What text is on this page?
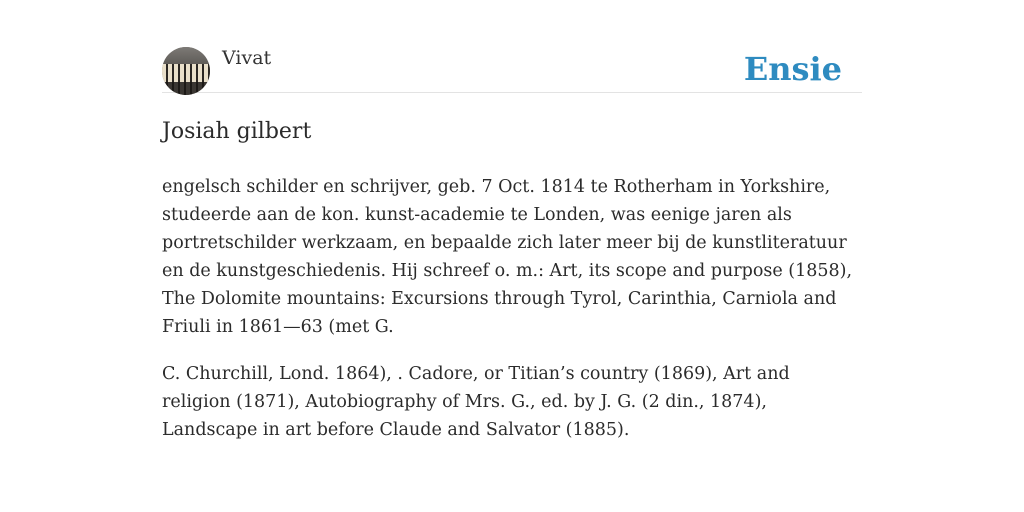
Vivat	Ensie
Josiah gilbert

engelsch schilder en schrijver, geb. 7 Oct. 1814 te Rotherham in Yorkshire, studeerde aan de kon. kunst-academie te Londen, was eenige jaren als portretschilder werkzaam, en bepaalde zich later meer bij de kunstliteratuur en de kunstgeschiedenis. Hij schreef o. m.: Art, its scope and purpose (1858), The Dolomite mountains: Excursions through Tyrol, Carinthia, Carniola and Friuli in 1861—63 (met G.

C. Churchill, Lond. 1864), . Cadore, or Titian’s country (1869), Art and religion (1871), Autobiography of Mrs. G., ed. by J. G. (2 din., 1874), Landscape in art before Claude and Salvator (1885).
